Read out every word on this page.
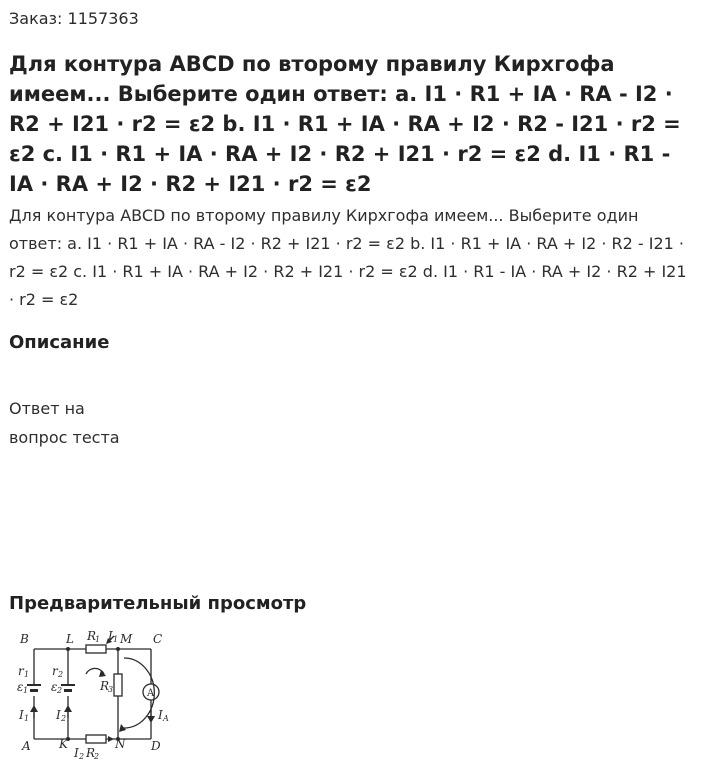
Заказ: 1157363
Для контура ABCD по второму правилу Кирхгофа имеем... Выберите один ответ: a. I1 · R1 + IA · RA - I2 · R2 + I21 · r2 = ε2 b. I1 · R1 + IA · RA + I2 · R2 - I21 · r2 = ε2 c. I1 · R1 + IA · RA + I2 · R2 + I21 · r2 = ε2 d. I1 · R1 - IA · RA + I2 · R2 + I21 · r2 = ε2

Для контура ABCD по второму правилу Кирхгофа имеем... Выберите один ответ: a. I1 · R1 + IA · RA - I2 · R2 + I21 · r2 = ε2 b. I1 · R1 + IA · RA + I2 · R2 - I21 · r2 = ε2 c. I1 · R1 + IA · RA + I2 · R2 + I21 · r2 = ε2 d. I1 · R1 - IA · RA + I2 · R2 + I21 · r2 = ε2

Описание
Ответ на
вопрос теста
Предварительный просмотр
B	L	M C
A K	N D
r 1
ε 1
r 2
ε 2
I 1 I 2	I A
R
1 I 1
R
3
I 2 R
2
A
